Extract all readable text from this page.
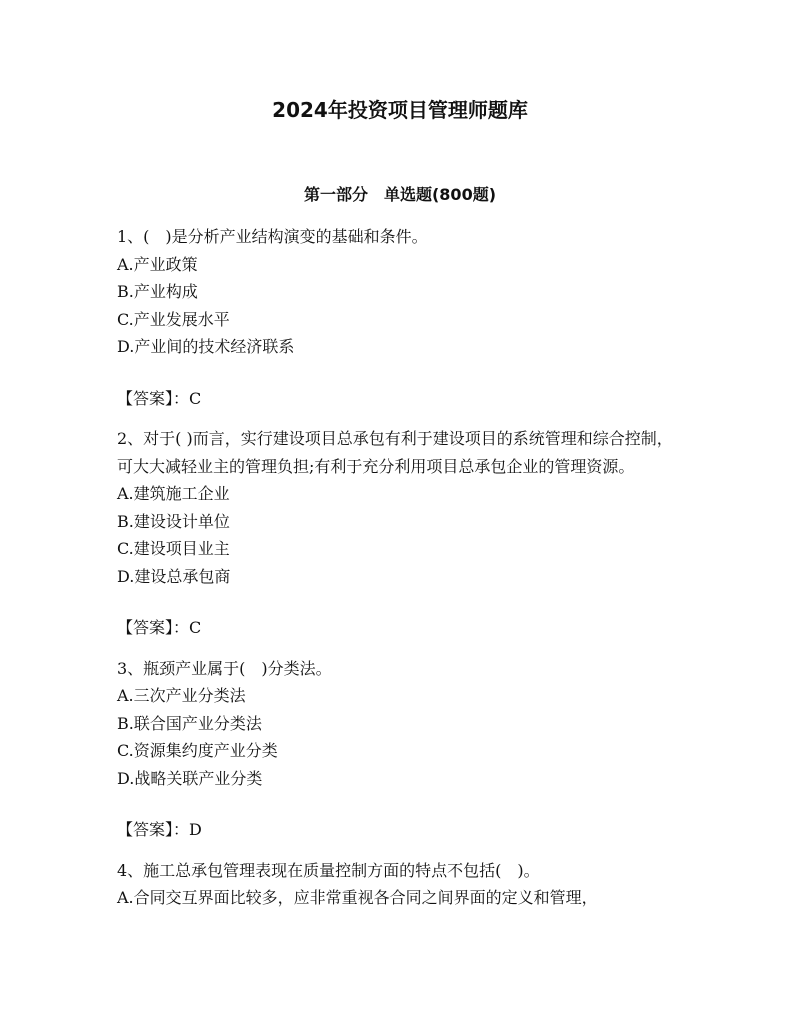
2024年投资项目管理师题库
第一部分　单选题(800题)

1、(　)是分析产业结构演变的基础和条件。

A.产业政策

B.产业构成

C.产业发展水平

D.产业间的技术经济联系

【答案】：C

2、对于( )而言，实行建设项目总承包有利于建设项目的系统管理和综合控制，可大大减轻业主的管理负担;有利于充分利用项目总承包企业的管理资源。

A.建筑施工企业

B.建设设计单位

C.建设项目业主

D.建设总承包商

【答案】：C

3、瓶颈产业属于(　)分类法。

A.三次产业分类法

B.联合国产业分类法

C.资源集约度产业分类

D.战略关联产业分类

【答案】：D

4、施工总承包管理表现在质量控制方面的特点不包括(　)。

A.合同交互界面比较多，应非常重视各合同之间界面的定义和管理，
